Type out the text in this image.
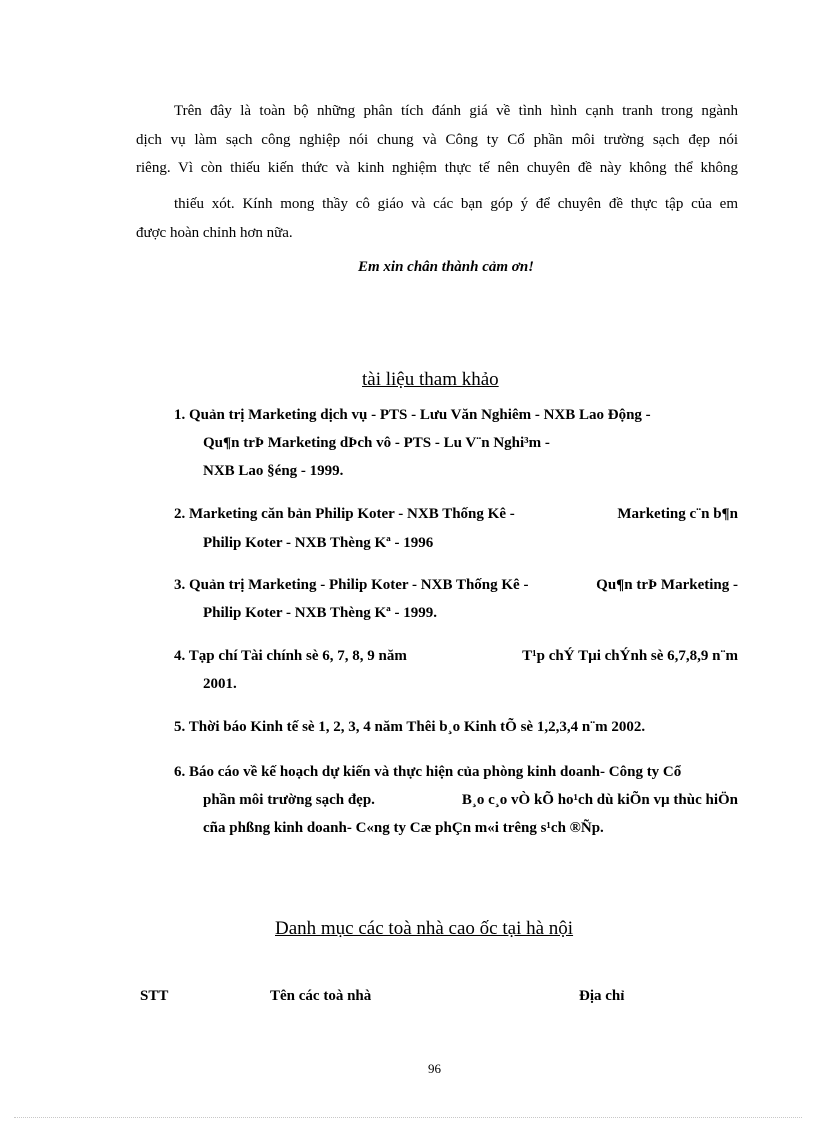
Trên đây là toàn bộ những phân tích đánh giá về tình hình cạnh tranh trong ngành
dịch vụ làm sạch công nghiệp nói chung và Công ty Cổ phần môi trường sạch đẹp nói
riêng. Vì còn thiếu kiến thức và kinh nghiệm thực tế nên chuyên đề này không thể không
thiếu xót. Kính mong thầy cô giáo và các bạn góp ý để chuyên đề thực tập của em
được hoàn chỉnh hơn nữa.
Em xin chân thành cảm ơn!
tài liệu tham khảo
1. Quản trị Marketing dịch vụ - PTS - Lưu Văn Nghiêm - NXB Lao Động -
Qu¶n trÞ Marketing dÞch vô - PTS - Lu V¨n Nghi³m -
NXB Lao §éng - 1999.
2. Marketing căn bản Philip Koter - NXB Thống Kê -	Marketing c¨n b¶n
Philip Koter - NXB Thèng Kª - 1996
3. Quản trị Marketing - Philip Koter - NXB Thống Kê -	Qu¶n trÞ Marketing -
Philip Koter - NXB Thèng Kª - 1999.
4. Tạp chí Tài chính sè 6, 7, 8, 9 năm	T¹p chÝ Tµi chÝnh sè 6,7,8,9 n¨m
2001.
5. Thời báo Kinh tế sè 1, 2, 3, 4 năm Thêi b¸o Kinh tÕ sè 1,2,3,4 n¨m 2002.
6. Báo cáo về kế hoạch dự kiến và thực hiện của phòng kinh doanh- Công ty Cổ
phần môi trường sạch đẹp.	B¸o c¸o vÒ kÕ ho¹ch dù kiÕn vµ thùc hiÖn
cña phßng kinh doanh- C«ng ty Cæ phÇn m«i trêng s¹ch ®Ñp.
Danh mục các toà nhà cao ốc tại hà nội
STT	Tên các toà nhà	Địa chỉ
96
